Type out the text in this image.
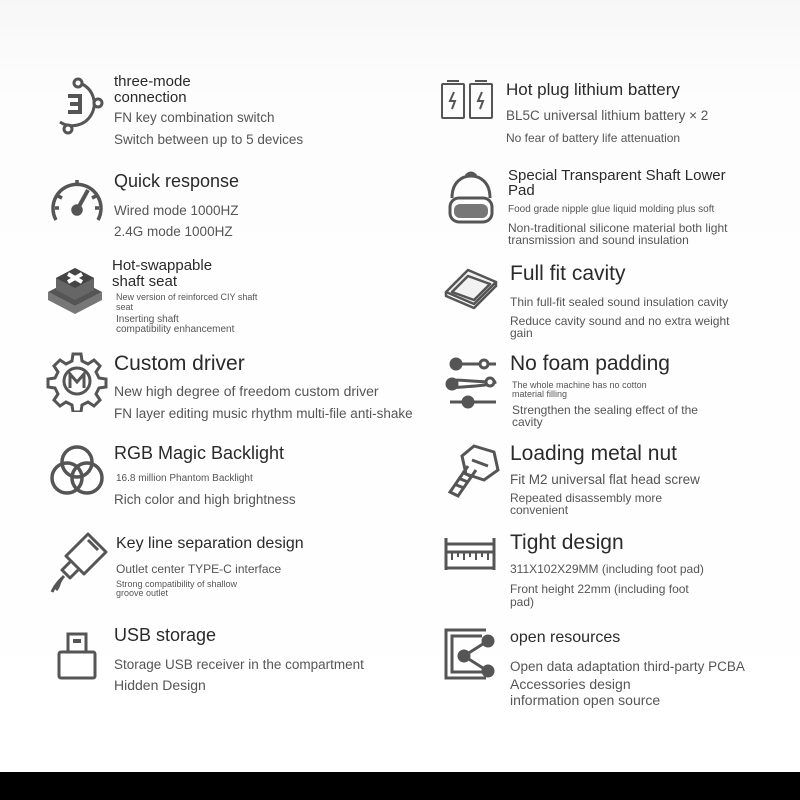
three-mode
connection
FN key combination switch
Switch between up to 5 devices
Hot plug lithium battery
BL5C universal lithium battery × 2
No fear of battery life attenuation
Quick response
Wired mode 1000HZ
2.4G mode 1000HZ
Special Transparent Shaft Lower
Pad
Food grade nipple glue liquid molding plus soft
Non-traditional silicone material both light
transmission and sound insulation
Hot-swappable
shaft seat
New version of reinforced CIY shaft
seat
Inserting shaft
compatibility enhancement
Full fit cavity
Thin full-fit sealed sound insulation cavity
Reduce cavity sound and no extra weight
gain
Custom driver
New high degree of freedom custom driver
FN layer editing music rhythm multi-file anti-shake
No foam padding
The whole machine has no cotton
material filling
Strengthen the sealing effect of the
cavity
RGB Magic Backlight
16.8 million Phantom Backlight
Rich color and high brightness
Loading metal nut
Fit M2 universal flat head screw
Repeated disassembly more
convenient
Key line separation design
Outlet center TYPE-C interface
Strong compatibility of shallow
groove outlet
Tight design
311X102X29MM (including foot pad)
Front height 22mm (including foot
pad)
USB storage
Storage USB receiver in the compartment
Hidden Design
open resources
Open data adaptation third-party PCBA
Accessories design
information open source
